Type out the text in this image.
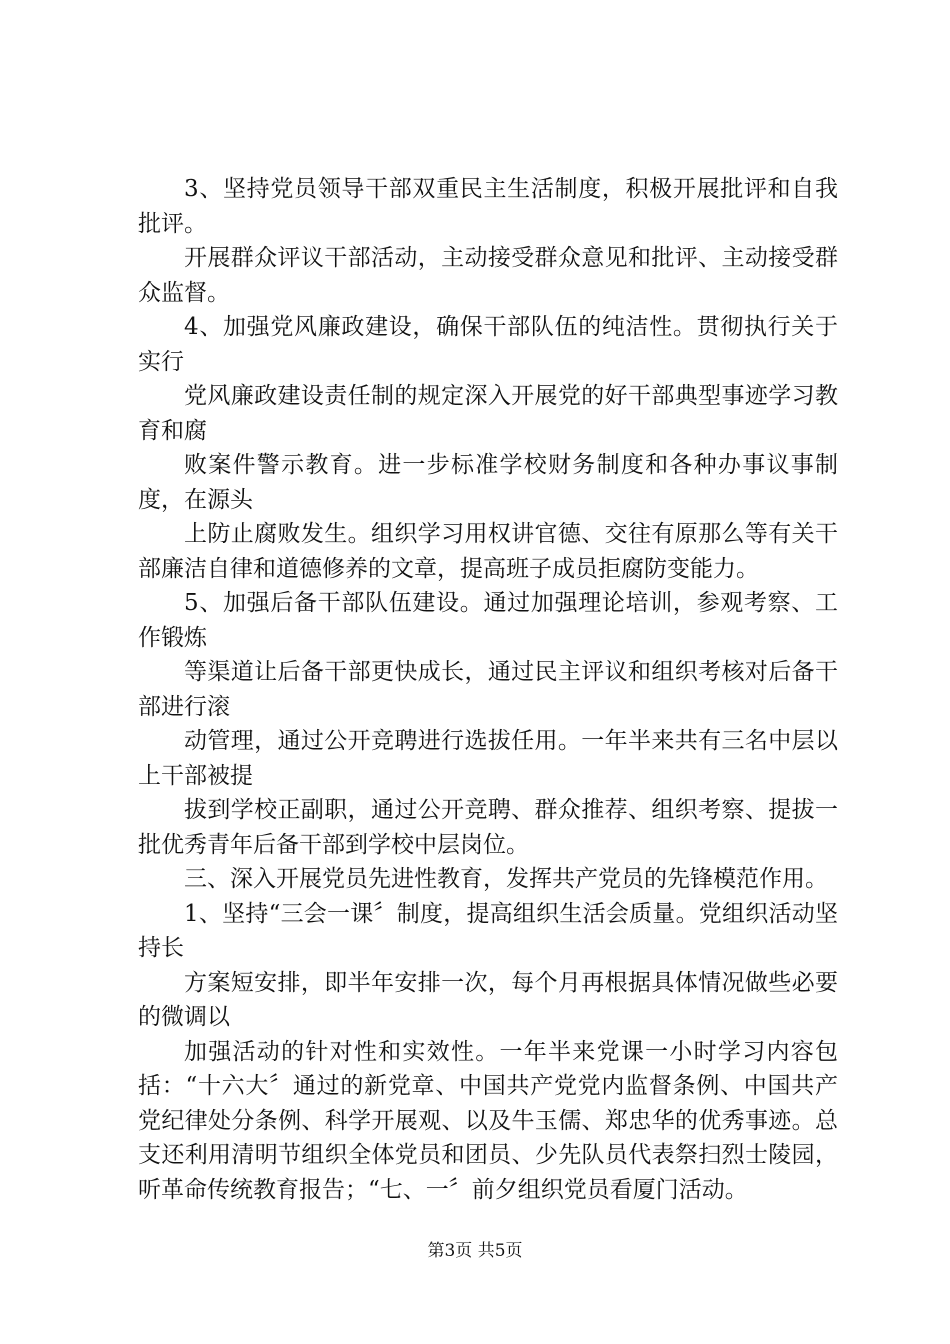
3、坚持党员领导干部双重民主生活制度，积极开展批评和自我批评。

开展群众评议干部活动，主动接受群众意见和批评、主动接受群众监督。

4、加强党风廉政建设，确保干部队伍的纯洁性。贯彻执行关于实行

党风廉政建设责任制的规定深入开展党的好干部典型事迹学习教育和腐

败案件警示教育。进一步标准学校财务制度和各种办事议事制度，在源头

上防止腐败发生。组织学习用权讲官德、交往有原那么等有关干部廉洁自律和道德修养的文章，提高班子成员拒腐防变能力。

5、加强后备干部队伍建设。通过加强理论培训，参观考察、工作锻炼

等渠道让后备干部更快成长，通过民主评议和组织考核对后备干部进行滚

动管理，通过公开竞聘进行选拔任用。一年半来共有三名中层以上干部被提

拔到学校正副职，通过公开竞聘、群众推荐、组织考察、提拔一批优秀青年后备干部到学校中层岗位。

三、深入开展党员先进性教育，发挥共产党员的先锋模范作用。

1、坚持“三会一课〞制度，提高组织生活会质量。党组织活动坚持长

方案短安排，即半年安排一次，每个月再根据具体情况做些必要的微调以

加强活动的针对性和实效性。一年半来党课一小时学习内容包括：“十六大〞通过的新党章、中国共产党党内监督条例、中国共产党纪律处分条例、科学开展观、以及牛玉儒、郑忠华的优秀事迹。总支还利用清明节组织全体党员和团员、少先队员代表祭扫烈士陵园，听革命传统教育报告；“七、一〞前夕组织党员看厦门活动。

第3页 共5页
